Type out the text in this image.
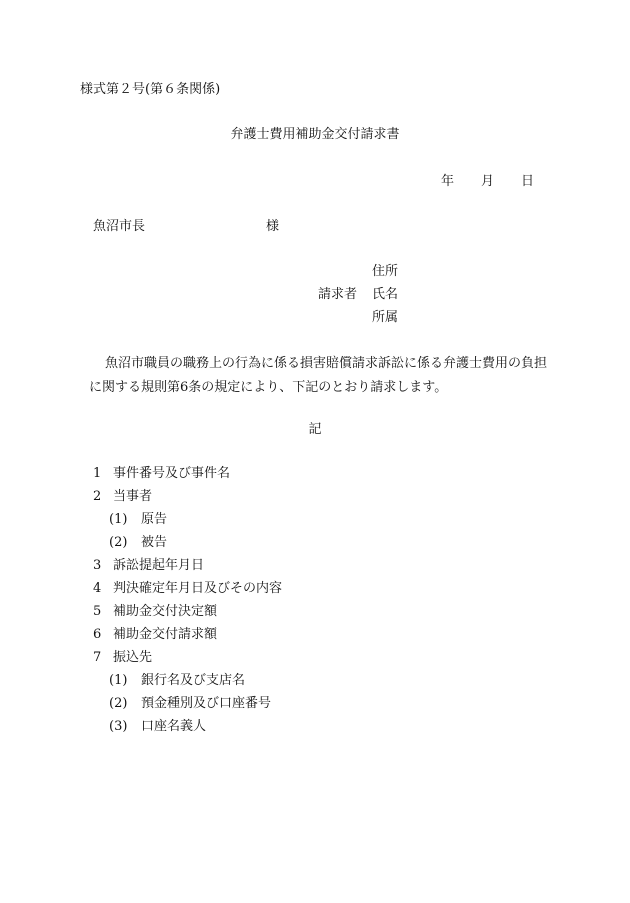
様式第２号(第６条関係)
弁護士費用補助金交付請求書
年 月 日
魚沼市長	様
住所
請求者 氏名
所属
魚沼市職員の職務上の行為に係る損害賠償請求訴訟に係る弁護士費用の負担
に関する規則第6条の規定により、下記のとおり請求します。
記
1 事件番号及び事件名
2 当事者
(1) 原告
(2) 被告
3 訴訟提起年月日
4 判決確定年月日及びその内容
5 補助金交付決定額
6 補助金交付請求額
7 振込先
(1) 銀行名及び支店名
(2) 預金種別及び口座番号
(3) 口座名義人
